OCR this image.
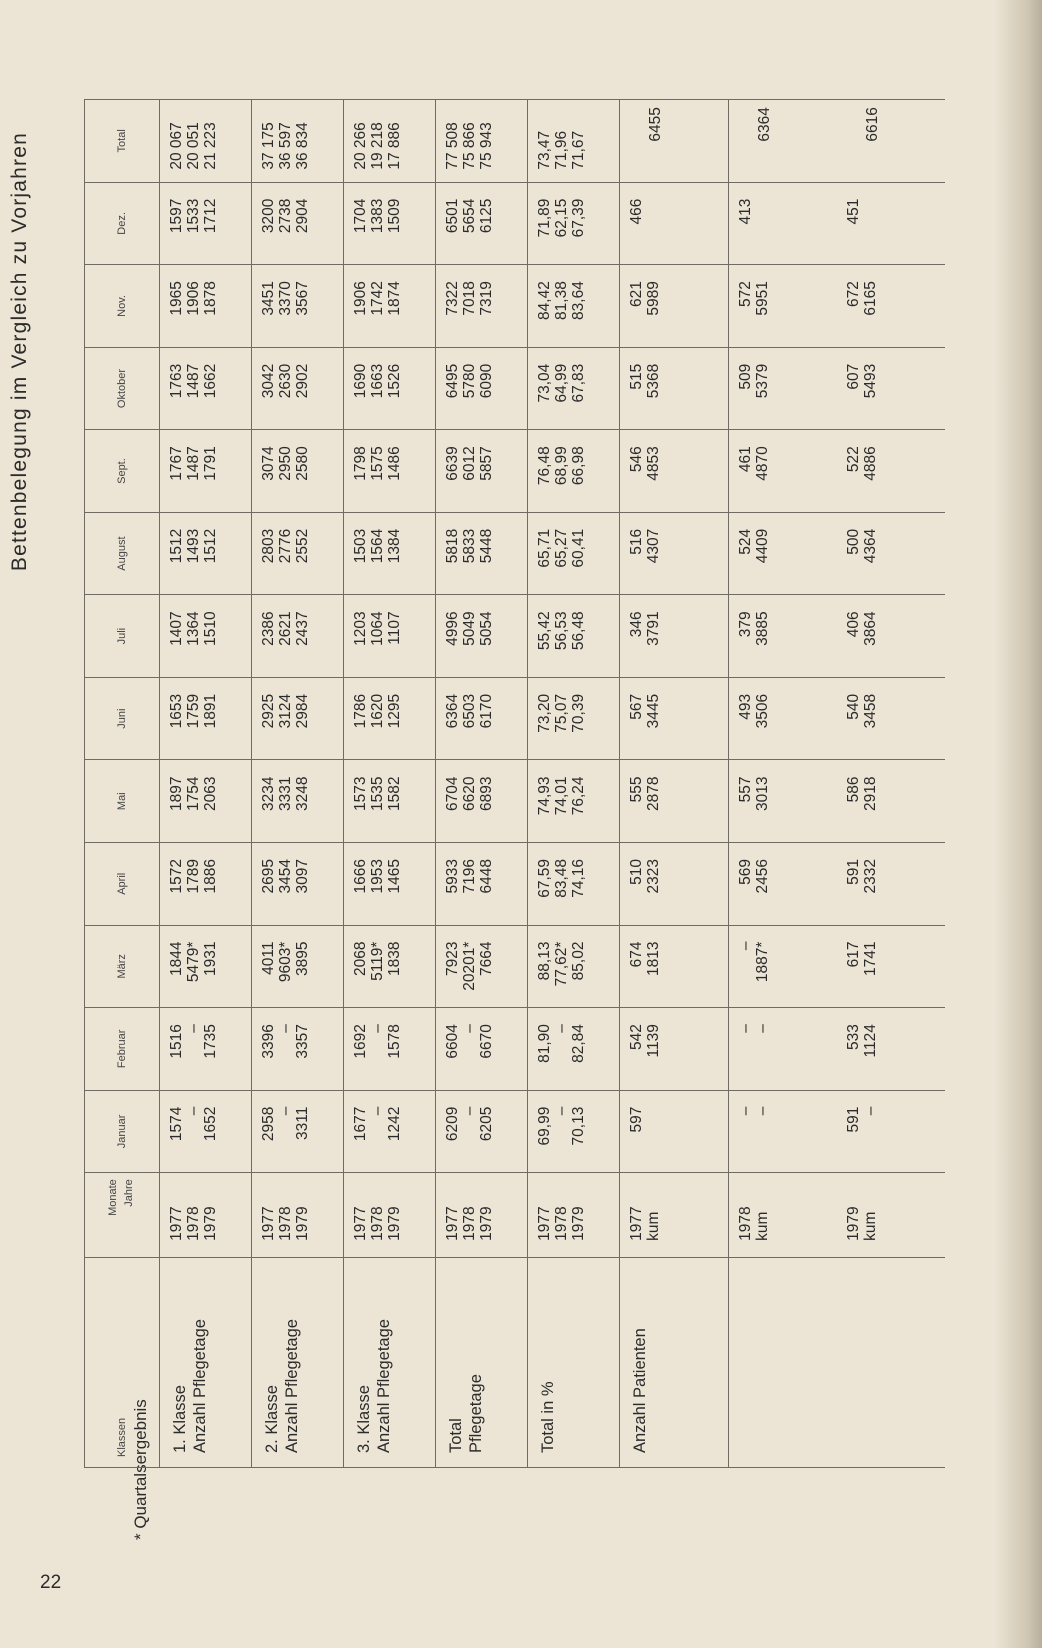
22
* Quartalsergebnis
Bettenbelegung im Vergleich zu Vorjahren
Klassen	Monate Jahre	Januar	Februar	März	April	Mai	Juni	Juli	August	Sept.	Oktober	Nov.	Dez.	Total

1. Klasse Anzahl Pflegetage	1977 1978 1979	1574 – 1652	1516 – 1735	1844 5479* 1931	1572 1789 1886	1897 1754 2063	1653 1759 1891	1407 1364 1510	1512 1493 1512	1767 1487 1791	1763 1487 1662	1965 1906 1878	1597 1533 1712	20 067 20 051 21 223

2. Klasse Anzahl Pflegetage	1977 1978 1979	2958 – 3311	3396 – 3357	4011 9603* 3895	2695 3454 3097	3234 3331 3248	2925 3124 2984	2386 2621 2437	2803 2776 2552	3074 2950 2580	3042 2630 2902	3451 3370 3567	3200 2738 2904	37 175 36 597 36 834

3. Klasse Anzahl Pflegetage	1977 1978 1979	1677 – 1242	1692 – 1578	2068 5119* 1838	1666 1953 1465	1573 1535 1582	1786 1620 1295	1203 1064 1107	1503 1564 1384	1798 1575 1486	1690 1663 1526	1906 1742 1874	1704 1383 1509	20 266 19 218 17 886

Total Pflegetage	1977 1978 1979	6209 – 6205	6604 – 6670	7923 20201* 7664	5933 7196 6448	6704 6620 6893	6364 6503 6170	4996 5049 5054	5818 5833 5448	6639 6012 5857	6495 5780 6090	7322 7018 7319	6501 5654 6125	77 508 75 866 75 943

Total in %	1977 1978 1979	69,99 – 70,13	81,90 – 82,84	88,13 77,62* 85,02	67,59 83,48 74,16	74,93 74,01 76,24	73,20 75,07 70,39	55,42 56,53 56,48	65,71 65,27 60,41	76,48 68,99 66,98	73,04 64,99 67,83	84,42 81,38 83,64	71,89 62,15 67,39	73,47 71,96 71,67

Anzahl Patienten	1977 kum	597	542 1139	674 1813	510 2323	555 2878	567 3445	346 3791	516 4307	546 4853	515 5368	621 5989	466	6455

	1978 kum	– –	– –	– 1887*	569 2456	557 3013	493 3506	379 3885	524 4409	461 4870	509 5379	572 5951	413	6364

	1979 kum	591 –	533 1124	617 1741	591 2332	586 2918	540 3458	406 3864	500 4364	522 4886	607 5493	672 6165	451	6616
